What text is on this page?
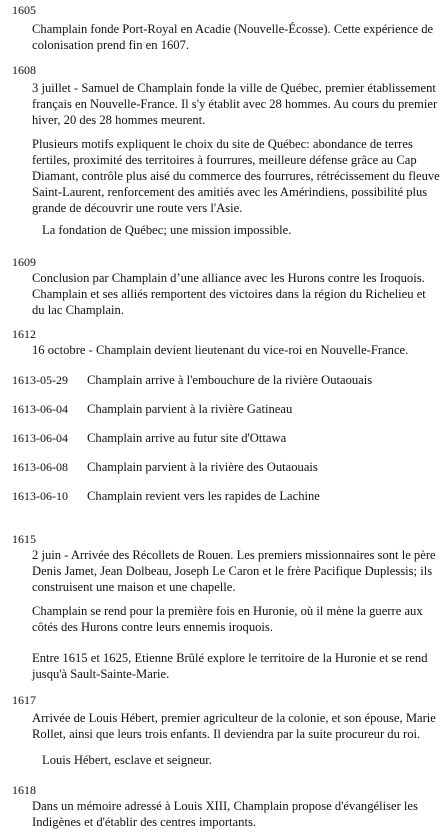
1605
Champlain fonde Port-Royal en Acadie (Nouvelle-Écosse). Cette expérience de colonisation prend fin en 1607.
1608
3 juillet - Samuel de Champlain fonde la ville de Québec, premier établissement français en Nouvelle-France. Il s'y établit avec 28 hommes. Au cours du premier hiver, 20 des 28 hommes meurent.
Plusieurs motifs expliquent le choix du site de Québec: abondance de terres fertiles, proximité des territoires à fourrures, meilleure défense grâce au Cap Diamant, contrôle plus aisé du commerce des fourrures, rétrécissement du fleuve Saint-Laurent, renforcement des amitiés avec les Amérindiens, possibilité plus grande de découvrir une route vers l'Asie.
La fondation de Québec; une mission impossible.
1609
Conclusion par Champlain d’une alliance avec les Hurons contre les Iroquois. Champlain et ses alliés remportent des victoires dans la région du Richelieu et du lac Champlain.
1612
16 octobre - Champlain devient lieutenant du vice-roi en Nouvelle-France.
1613-05-29 Champlain arrive à l'embouchure de la rivière Outaouais
1613-06-04 Champlain parvient à la rivière Gatineau
1613-06-04 Champlain arrive au futur site d'Ottawa
1613-06-08 Champlain parvient à la rivière des Outaouais
1613-06-10 Champlain revient vers les rapides de Lachine
1615
2 juin - Arrivée des Récollets de Rouen. Les premiers missionnaires sont le père Denis Jamet, Jean Dolbeau, Joseph Le Caron et le frère Pacifique Duplessis; ils construisent une maison et une chapelle.
Champlain se rend pour la première fois en Huronie, où il mène la guerre aux côtés des Hurons contre leurs ennemis iroquois.
Entre 1615 et 1625, Etienne Brûlé explore le territoire de la Huronie et se rend jusqu'à Sault-Sainte-Marie.
1617
Arrivée de Louis Hébert, premier agriculteur de la colonie, et son épouse, Marie Rollet, ainsi que leurs trois enfants. Il deviendra par la suite procureur du roi.
Louis Hébert, esclave et seigneur.
1618
Dans un mémoire adressé à Louis XIII, Champlain propose d'évangéliser les Indigènes et d'établir des centres importants.
